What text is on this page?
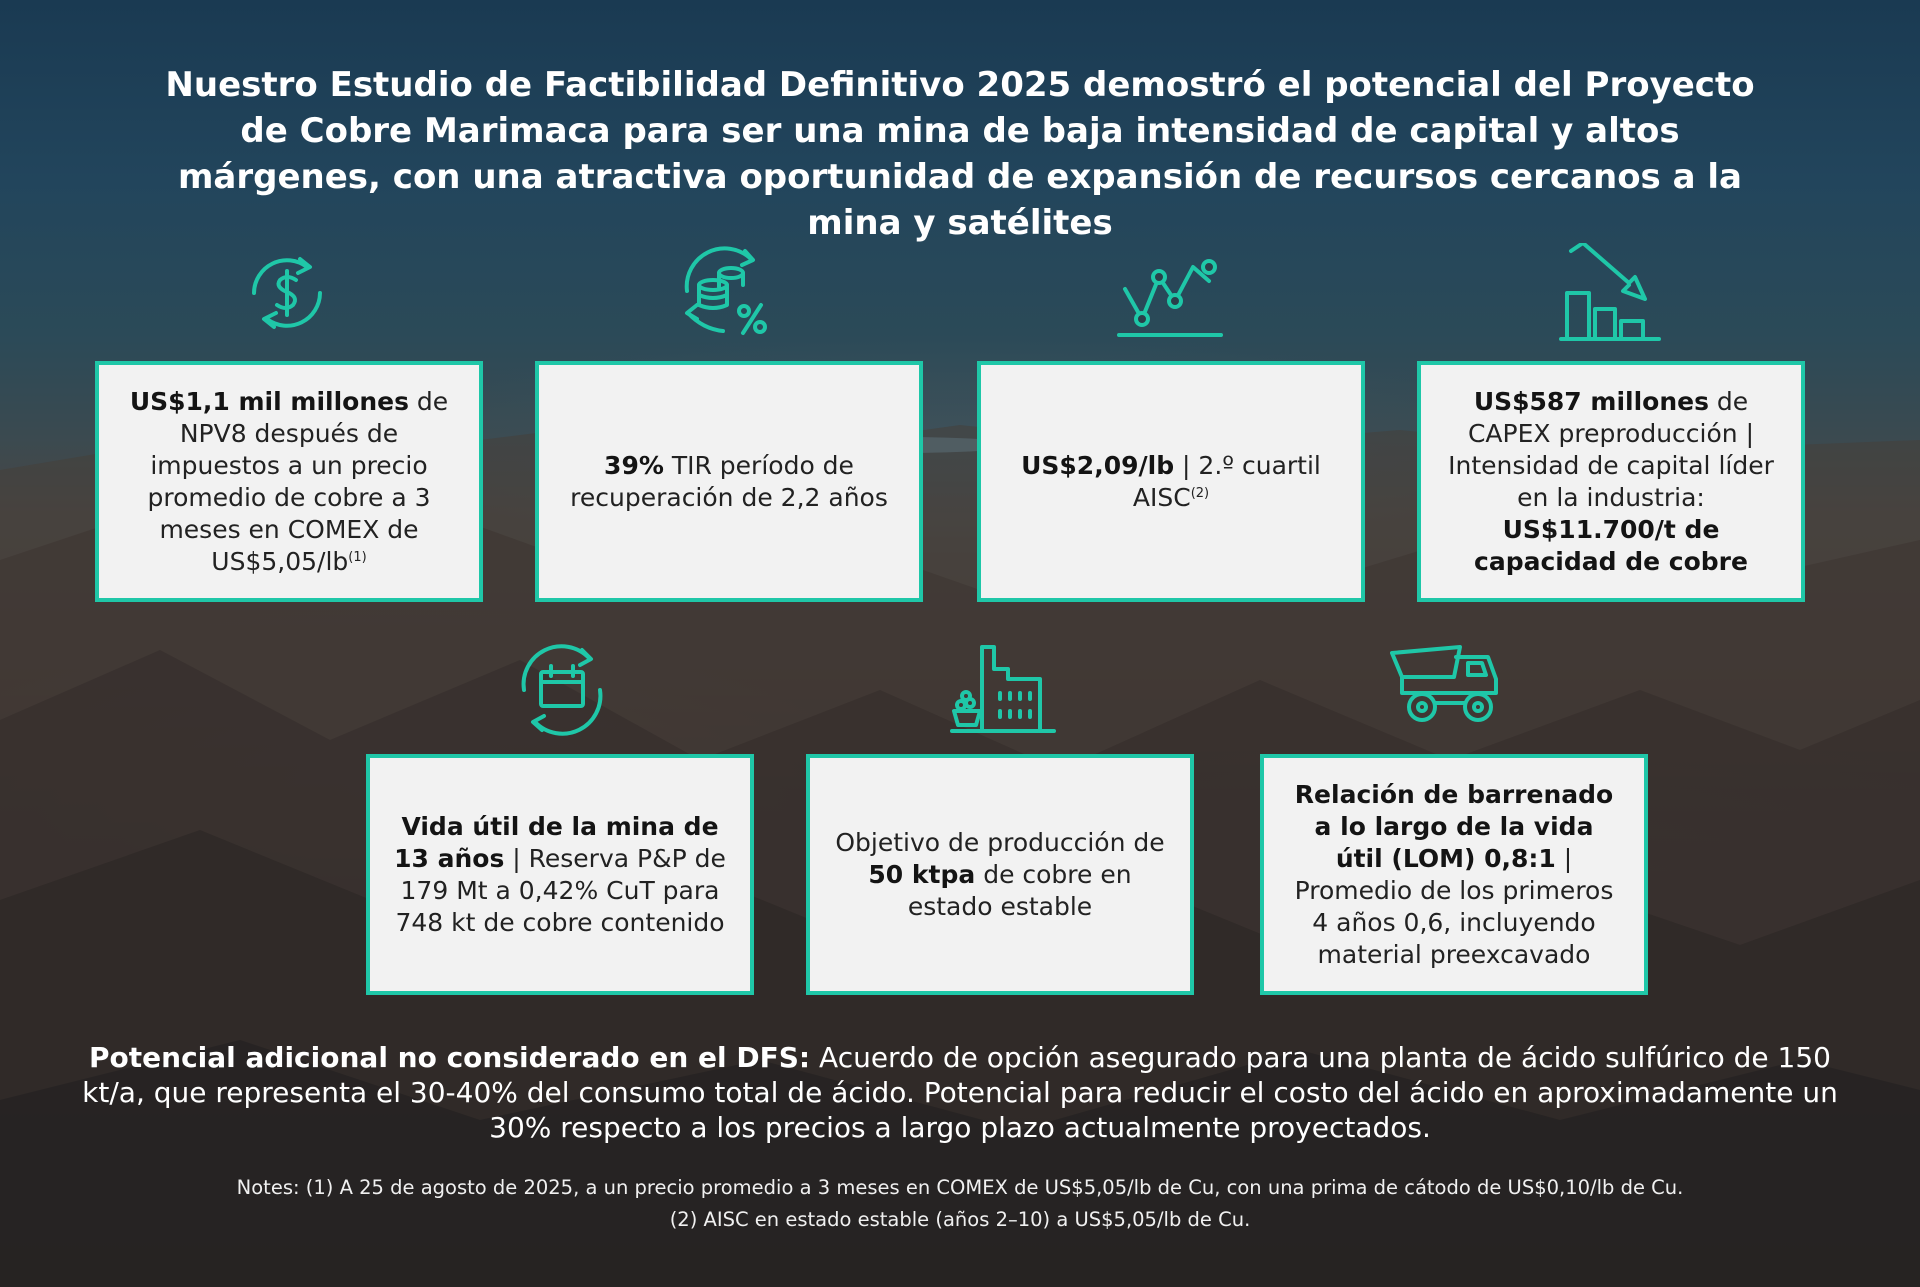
Nuestro Estudio de Factibilidad Definitivo 2025 demostró el potencial del Proyecto de Cobre Marimaca para ser una mina de baja intensidad de capital y altos márgenes, con una atractiva oportunidad de expansión de recursos cercanos a la mina y satélites

US$1,1 mil millones de NPV8 después de impuestos a un precio promedio de cobre a 3 meses en COMEX de $US\$5,05/lb^{(1)}$

39% TIR período de recuperación de 2,2 años

US$2,09/lb | 2.º cuartil AISC$^{(2)}$

US$587 millones de CAPEX preproducción | Intensidad de capital líder en la industria: US$11.700/t de capacidad de cobre

Vida útil de la mina de 13 años | Reserva P&P de 179 Mt a 0,42% CuT para 748 kt de cobre contenido

Objetivo de producción de 50 ktpa de cobre en estado estable

Relación de barrenado a lo largo de la vida útil (LOM) 0,8:1 | Promedio de los primeros 4 años 0,6, incluyendo material preexcavado

Potencial adicional no considerado en el DFS: Acuerdo de opción asegurado para una planta de ácido sulfúrico de 150 kt/a, que representa el 30-40% del consumo total de ácido. Potencial para reducir el costo del ácido en aproximadamente un 30% respecto a los precios a largo plazo actualmente proyectados.

Notes: (1) A 25 de agosto de 2025, a un precio promedio a 3 meses en COMEX de US$5,05/lb de Cu, con una prima de cátodo de US$0,10/lb de Cu.

(2) AISC en estado estable (años 2–10) a US$5,05/lb de Cu.
